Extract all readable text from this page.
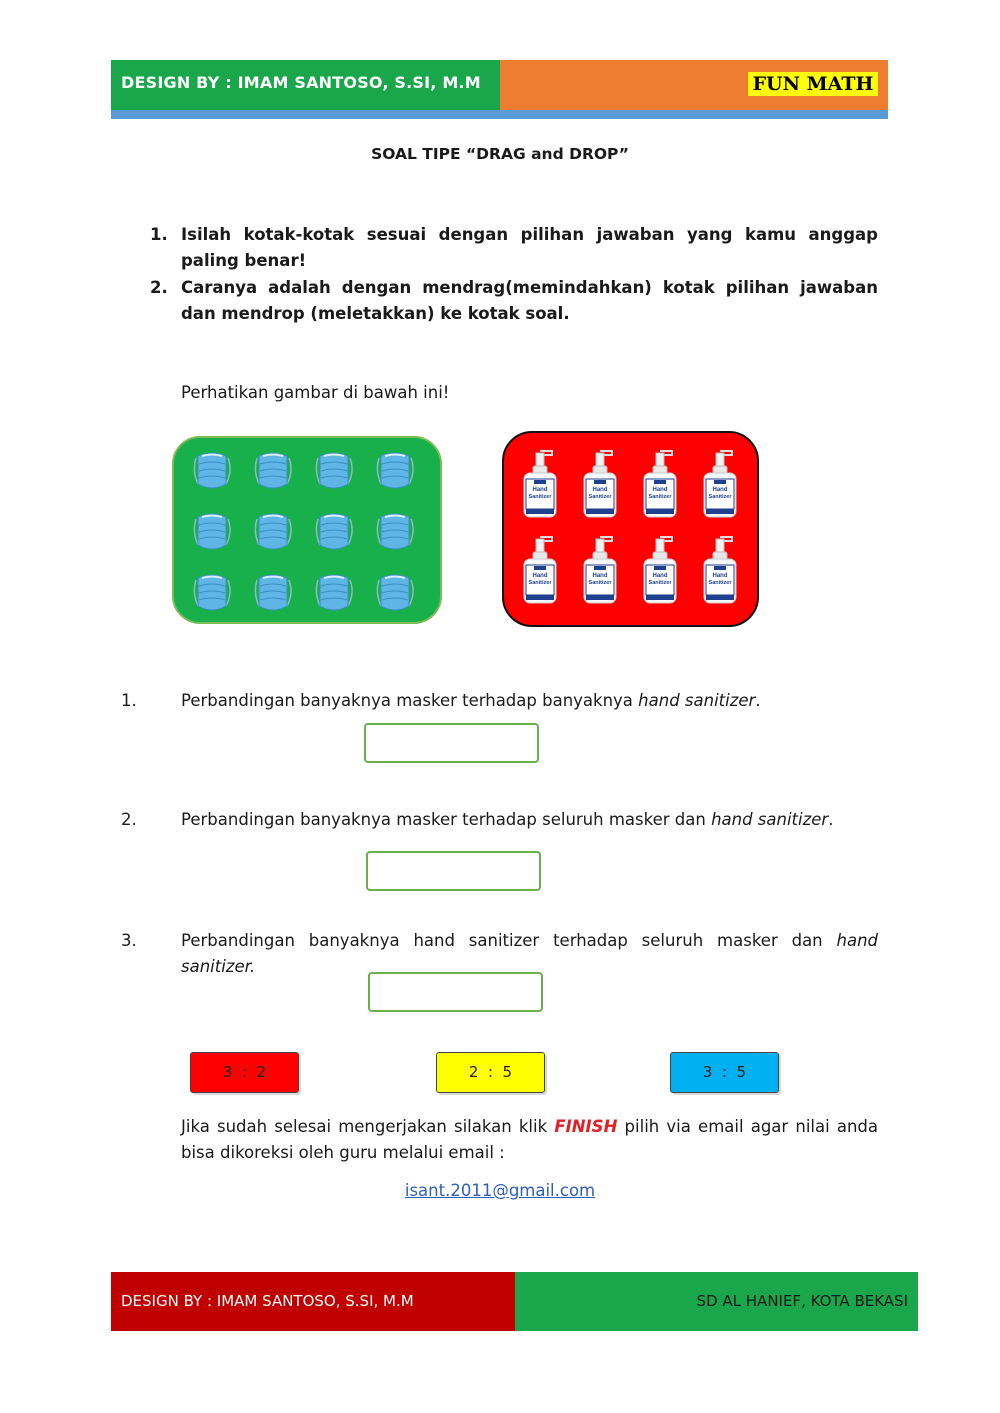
DESIGN BY : IMAM SANTOSO, S.SI, M.M	FUN MATH
SOAL TIPE “DRAG and DROP”
1. Isilah kotak-kotak sesuai dengan pilihan jawaban yang kamu anggap paling benar!
2. Caranya adalah dengan mendrag(memindahkan) kotak pilihan jawaban dan mendrop (meletakkan) ke kotak soal.
Perhatikan gambar di bawah ini!
Hand
Sanitizer
Hand
Sanitizer
Hand
Sanitizer
Hand
Sanitizer
Hand
Sanitizer
Hand
Sanitizer
Hand
Sanitizer
Hand
Sanitizer
1.	Perbandingan banyaknya masker terhadap banyaknya hand sanitizer.
2.	Perbandingan banyaknya masker terhadap seluruh masker dan hand sanitizer.
3.	Perbandingan banyaknya hand sanitizer terhadap seluruh masker dan hand sanitizer.
3  :  2	2  :  5	3  :  5
Jika sudah selesai mengerjakan silakan klik FINISH pilih via email agar nilai anda bisa dikoreksi oleh guru melalui email :
isant.2011@gmail.com
DESIGN BY : IMAM SANTOSO, S.SI, M.M	SD AL HANIEF, KOTA BEKASI
